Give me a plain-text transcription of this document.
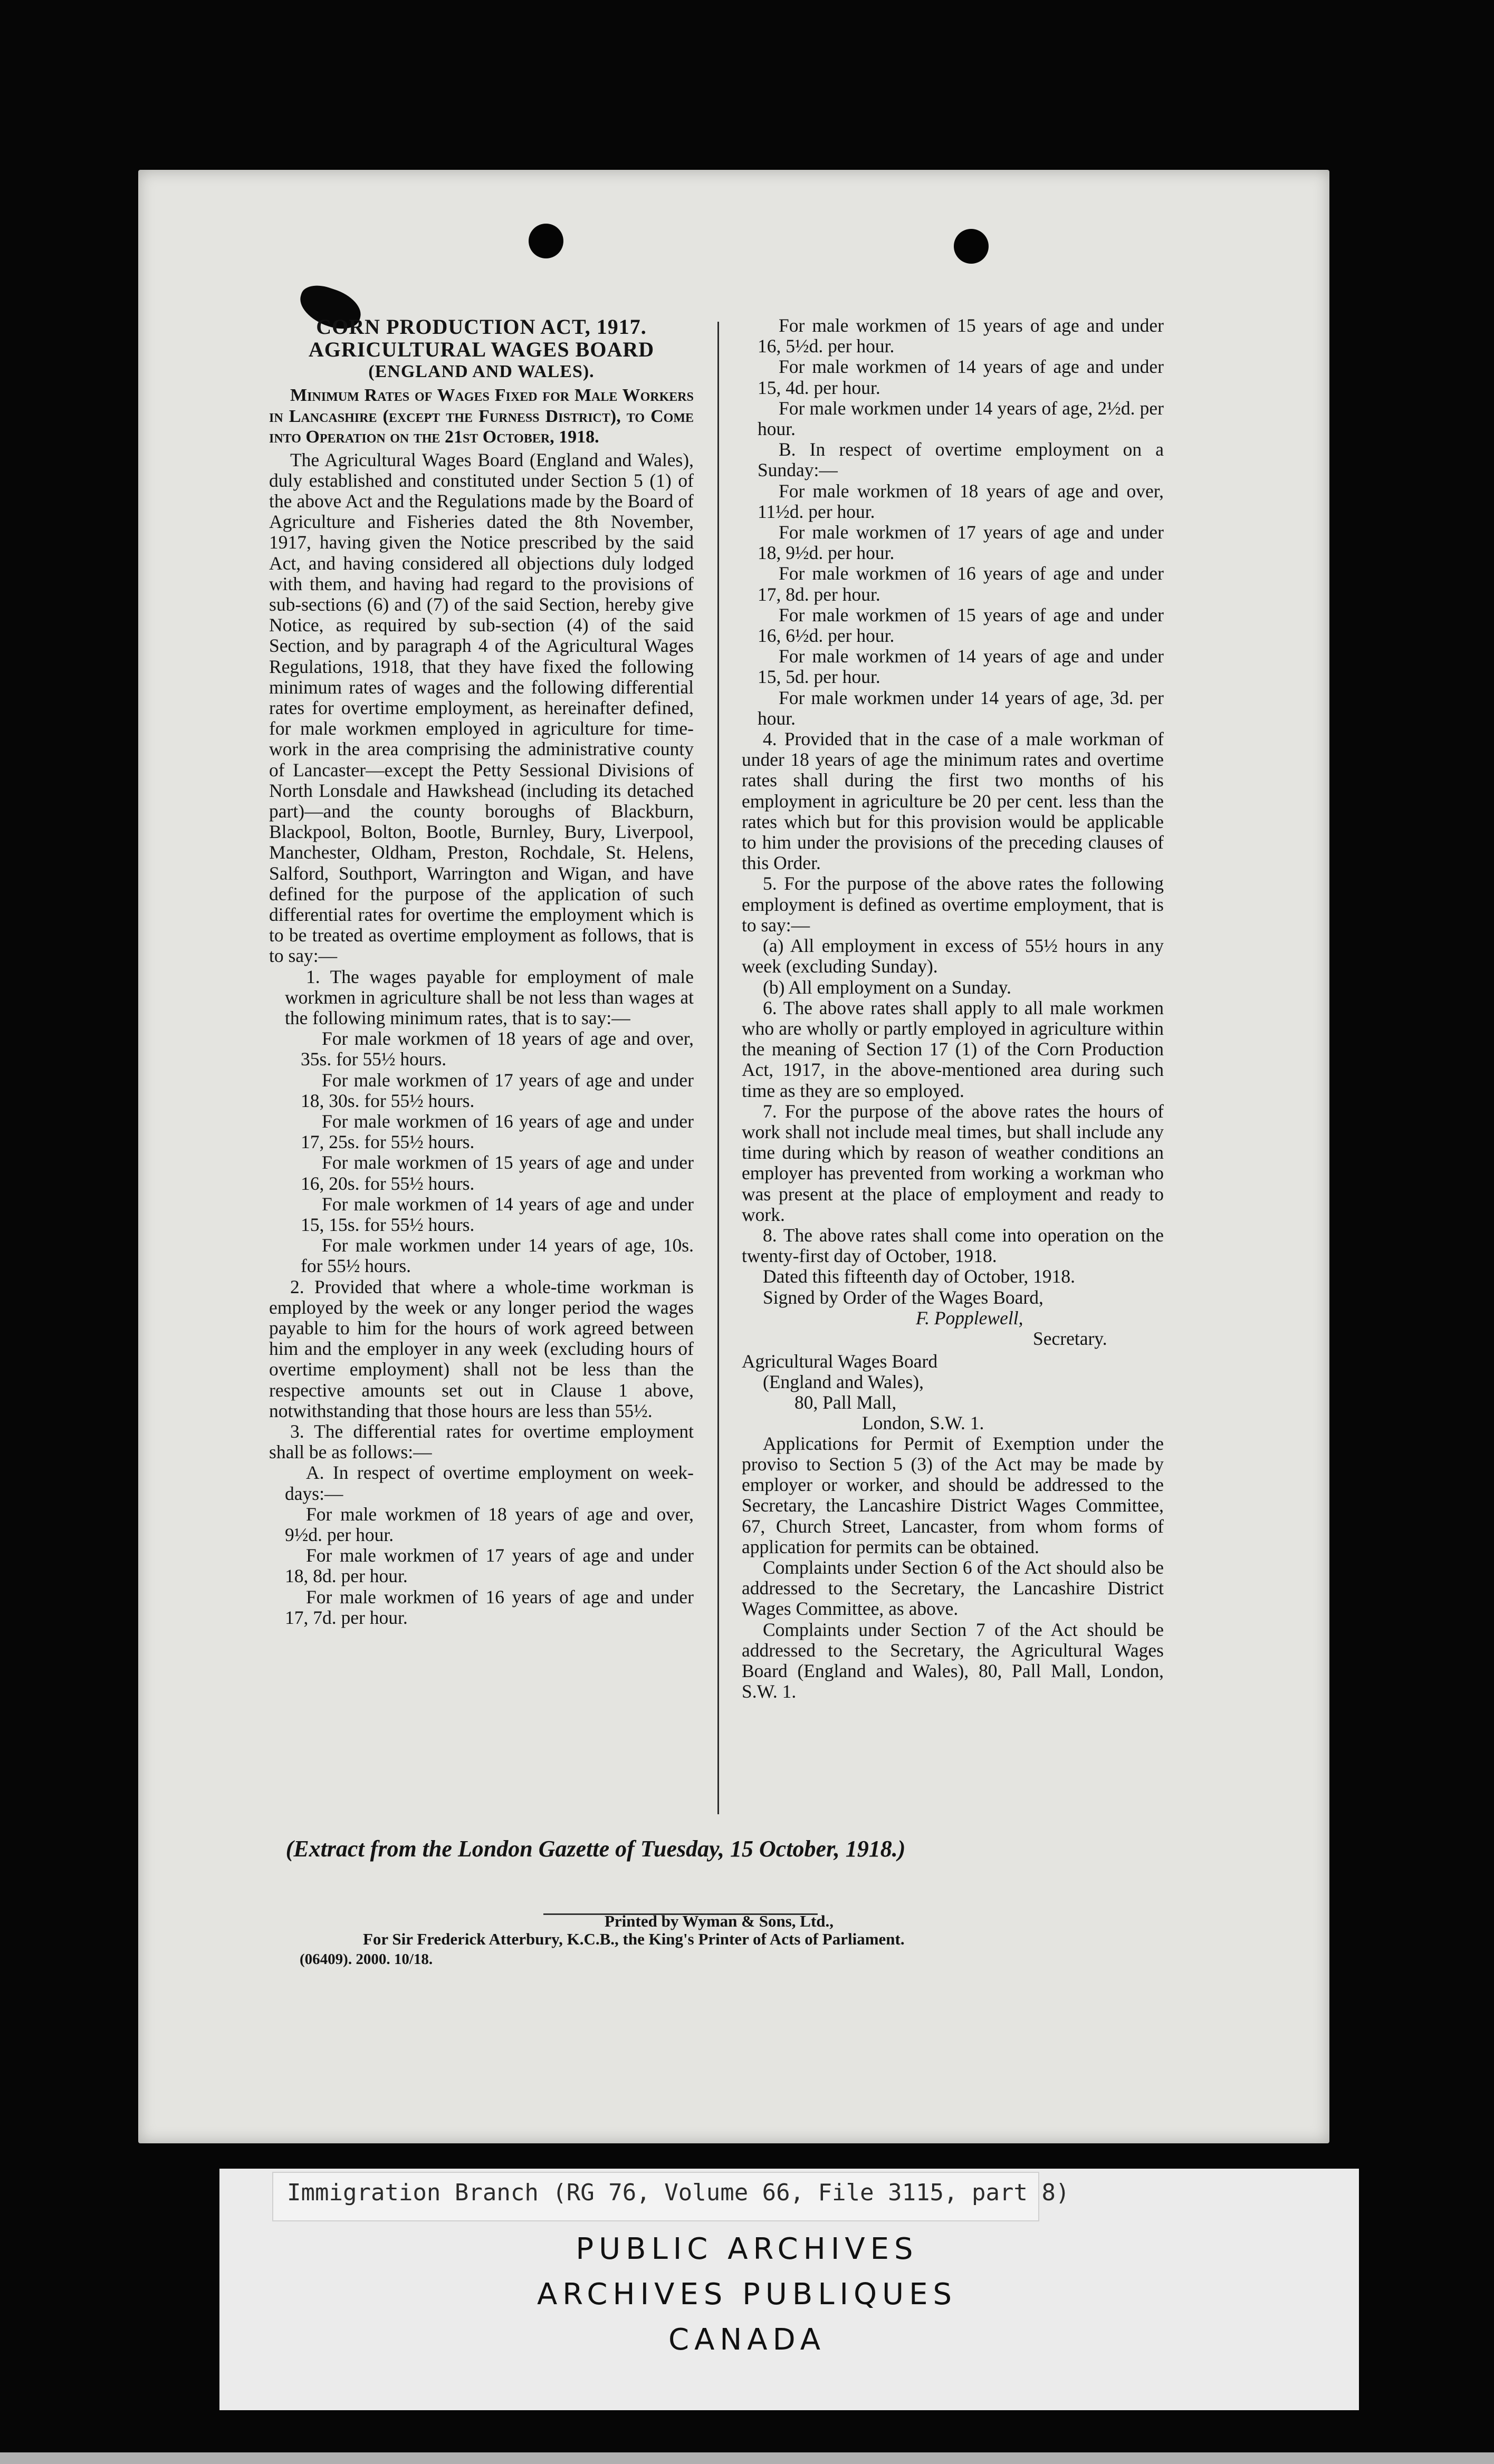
CORN PRODUCTION ACT, 1917.

AGRICULTURAL WAGES BOARD

(ENGLAND AND WALES).

Minimum Rates of Wages Fixed for Male Workers in Lancashire (except the Furness District), to Come into Operation on the 21st October, 1918.

The Agricultural Wages Board (England and Wales), duly established and constituted under Section 5 (1) of the above Act and the Regulations made by the Board of Agriculture and Fisheries dated the 8th November, 1917, having given the Notice prescribed by the said Act, and having considered all objections duly lodged with them, and having had regard to the provisions of sub-sections (6) and (7) of the said Section, hereby give Notice, as required by sub-section (4) of the said Section, and by paragraph 4 of the Agricultural Wages Regulations, 1918, that they have fixed the following minimum rates of wages and the following differential rates for overtime employment, as hereinafter defined, for male workmen employed in agriculture for time-work in the area comprising the administrative county of Lancaster—except the Petty Sessional Divisions of North Lonsdale and Hawkshead (including its detached part)—and the county boroughs of Blackburn, Blackpool, Bolton, Bootle, Burnley, Bury, Liverpool, Manchester, Oldham, Preston, Rochdale, St. Helens, Salford, Southport, Warrington and Wigan, and have defined for the purpose of the application of such differential rates for overtime the employment which is to be treated as overtime employment as follows, that is to say:—

1. The wages payable for employment of male workmen in agriculture shall be not less than wages at the following minimum rates, that is to say:—

For male workmen of 18 years of age and over, 35s. for 55½ hours.

For male workmen of 17 years of age and under 18, 30s. for 55½ hours.

For male workmen of 16 years of age and under 17, 25s. for 55½ hours.

For male workmen of 15 years of age and under 16, 20s. for 55½ hours.

For male workmen of 14 years of age and under 15, 15s. for 55½ hours.

For male workmen under 14 years of age, 10s. for 55½ hours.

2. Provided that where a whole-time workman is employed by the week or any longer period the wages payable to him for the hours of work agreed between him and the employer in any week (excluding hours of overtime employment) shall not be less than the respective amounts set out in Clause 1 above, notwithstanding that those hours are less than 55½.

3. The differential rates for overtime employment shall be as follows:—

A. In respect of overtime employment on week-days:—

For male workmen of 18 years of age and over, 9½d. per hour.

For male workmen of 17 years of age and under 18, 8d. per hour.

For male workmen of 16 years of age and under 17, 7d. per hour.

For male workmen of 15 years of age and under 16, 5½d. per hour.

For male workmen of 14 years of age and under 15, 4d. per hour.

For male workmen under 14 years of age, 2½d. per hour.

B. In respect of overtime employment on a Sunday:—

For male workmen of 18 years of age and over, 11½d. per hour.

For male workmen of 17 years of age and under 18, 9½d. per hour.

For male workmen of 16 years of age and under 17, 8d. per hour.

For male workmen of 15 years of age and under 16, 6½d. per hour.

For male workmen of 14 years of age and under 15, 5d. per hour.

For male workmen under 14 years of age, 3d. per hour.

4. Provided that in the case of a male workman of under 18 years of age the minimum rates and overtime rates shall during the first two months of his employment in agriculture be 20 per cent. less than the rates which but for this provision would be applicable to him under the provisions of the preceding clauses of this Order.

5. For the purpose of the above rates the following employment is defined as overtime employment, that is to say:—

(a) All employment in excess of 55½ hours in any week (excluding Sunday).

(b) All employment on a Sunday.

6. The above rates shall apply to all male workmen who are wholly or partly employed in agriculture within the meaning of Section 17 (1) of the Corn Production Act, 1917, in the above-mentioned area during such time as they are so employed.

7. For the purpose of the above rates the hours of work shall not include meal times, but shall include any time during which by reason of weather conditions an employer has prevented from working a workman who was present at the place of employment and ready to work.

8. The above rates shall come into operation on the twenty-first day of October, 1918.

Dated this fifteenth day of October, 1918.

Signed by Order of the Wages Board,

F. Popplewell,

Secretary.

Agricultural Wages Board

(England and Wales),

80, Pall Mall,

London, S.W. 1.

Applications for Permit of Exemption under the proviso to Section 5 (3) of the Act may be made by employer or worker, and should be addressed to the Secretary, the Lancashire District Wages Committee, 67, Church Street, Lancaster, from whom forms of application for permits can be obtained.

Complaints under Section 6 of the Act should also be addressed to the Secretary, the Lancashire District Wages Committee, as above.

Complaints under Section 7 of the Act should be addressed to the Secretary, the Agricultural Wages Board (England and Wales), 80, Pall Mall, London, S.W. 1.

(Extract from the London Gazette of Tuesday, 15 October, 1918.)

Printed by Wyman & Sons, Ltd.,

For Sir Frederick Atterbury, K.C.B., the King's Printer of Acts of Parliament.

(06409). 2000. 10/18.

Immigration Branch (RG 76, Volume 66, File 3115, part 8)
PUBLIC ARCHIVES
ARCHIVES PUBLIQUES
CANADA
